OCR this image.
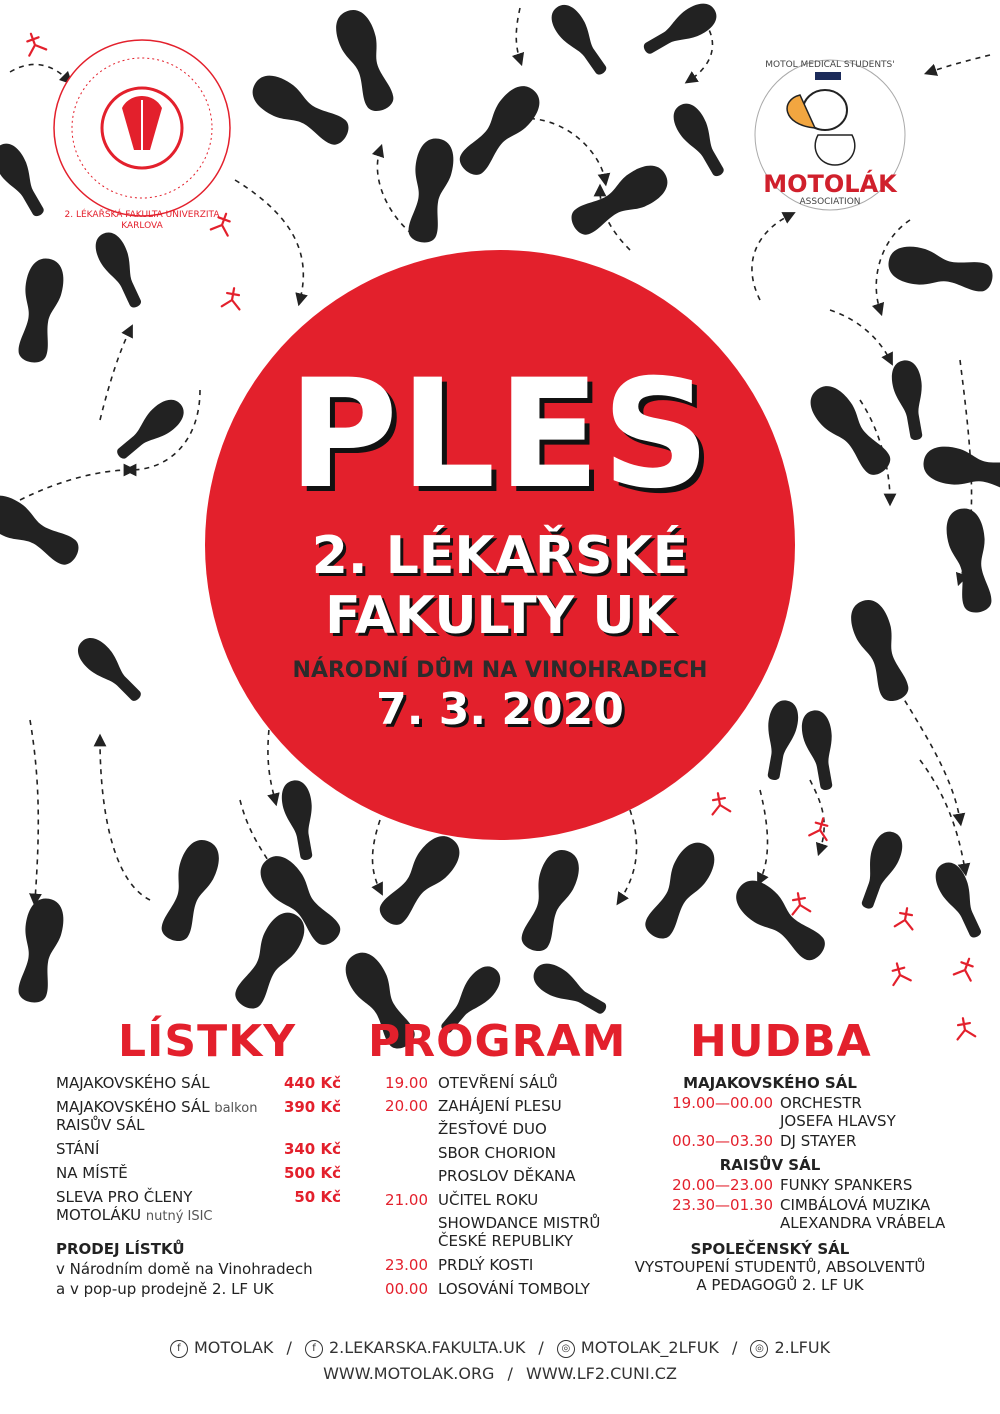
2. LÉKAŘSKÁ FAKULTA UNIVERZITA KARLOVA
MOTOL MEDICAL STUDENTS'
MOTOLÁK
ASSOCIATION
PLES
2. LÉKAŘSKÉ
FAKULTY UK
NÁRODNÍ DŮM NA VINOHRADECH
7. 3. 2020
LÍSTKY
MAJAKOVSKÉHO SÁL	440 Kč
MAJAKOVSKÉHO SÁL balkon	390 Kč
RAISŮV SÁL
STÁNÍ	340 Kč
NA MÍSTĚ	500 Kč
SLEVA PRO ČLENY	50 Kč
MOTOLÁKU nutný ISIC
PRODEJ LÍSTKŮ
v Národním domě na Vinohradech
a v pop-up prodejně 2. LF UK
PROGRAM
19.00 OTEVŘENÍ SÁLŮ
20.00 ZAHÁJENÍ PLESU
ŽESŤOVÉ DUO
SBOR CHORION
PROSLOV DĚKANA
21.00 UČITEL ROKU
SHOWDANCE MISTRŮ
ČESKÉ REPUBLIKY
23.00 PRDLÝ KOSTI
00.00 LOSOVÁNÍ TOMBOLY
HUDBA
MAJAKOVSKÉHO SÁL
19.00—00.00 ORCHESTR
JOSEFA HLAVSY
00.30—03.30 DJ STAYER
RAISŮV SÁL
20.00—23.00 FUNKY SPANKERS
23.30—01.30 CIMBÁLOVÁ MUZIKA
ALEXANDRA VRÁBELA
SPOLEČENSKÝ SÁL
VYSTOUPENÍ STUDENTŮ, ABSOLVENTŮ
A PEDAGOGŮ 2. LF UK
f MOTOLAK / f 2.LEKARSKA.FAKULTA.UK / ◎ MOTOLAK_2LFUK / ◎ 2.LFUK
WWW.MOTOLAK.ORG / WWW.LF2.CUNI.CZ
